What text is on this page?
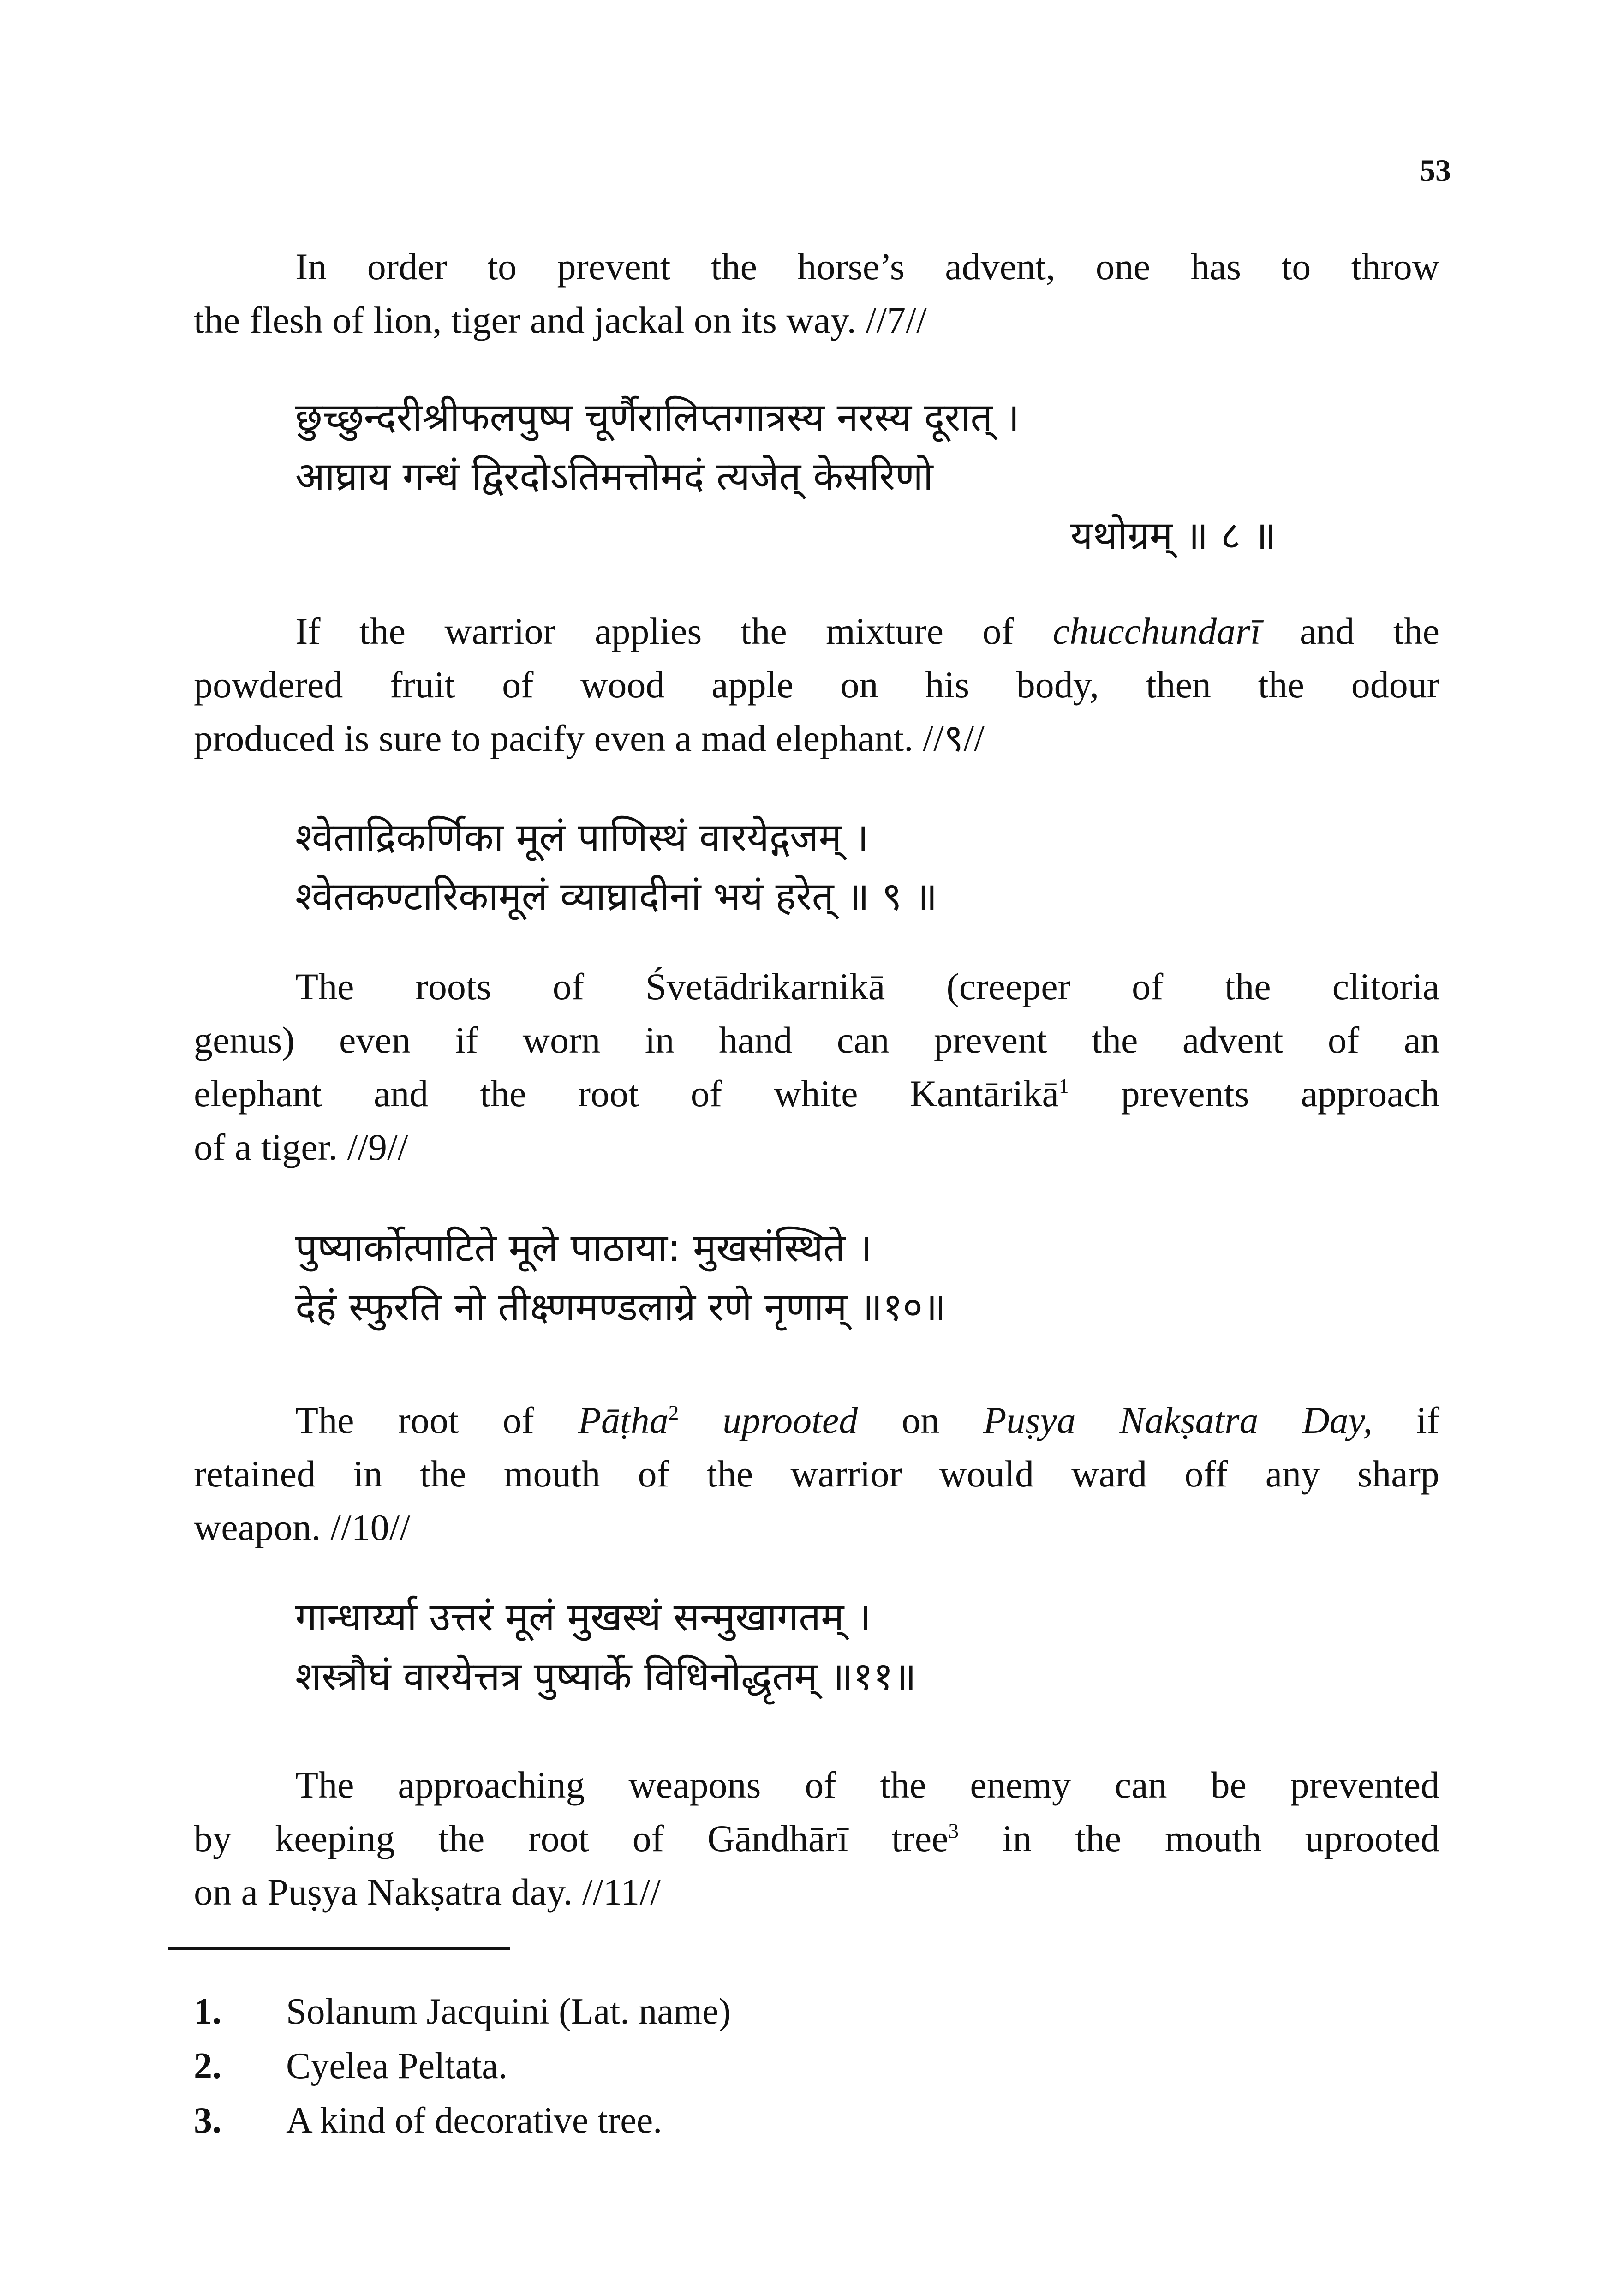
53
In order to prevent the horse’s advent, one has to throw
the flesh of lion, tiger and jackal on its way. //7//
छुच्छुन्दरीश्रीफलपुष्प चूर्णैरालिप्तगात्रस्य नरस्य दूरात् ।
आघ्राय गन्धं द्विरदोऽतिमत्तोमदं त्यजेत् केसरिणो
यथोग्रम् ॥ ८ ॥
If the warrior applies the mixture of chucchundarī and the
powdered fruit of wood apple on his body, then the odour
produced is sure to pacify even a mad elephant. //९//
श्वेताद्रिकर्णिका मूलं पाणिस्थं वारयेद्गजम् ।
श्वेतकण्टारिकामूलं व्याघ्रादीनां भयं हरेत् ॥ ९ ॥
The roots of Śvetādrikarnikā (creeper of the clitoria
genus) even if worn in hand can prevent the advent of an
elephant and the root of white Kantārikā$^1$ prevents approach
of a tiger. //9//
पुष्यार्कोत्पाटिते मूले पाठाया: मुखसंस्थिते ।
देहं स्फुरति नो तीक्ष्णमण्डलाग्रे रणे नृणाम् ॥१०॥
The root of Pāṭha$^2$ uprooted on Puṣya Nakṣatra Day, if
retained in the mouth of the warrior would ward off any sharp
weapon. //10//
गान्धार्य्या उत्तरं मूलं मुखस्थं सन्मुखागतम् ।
शस्त्रौघं वारयेत्तत्र पुष्यार्के विधिनोद्धृतम् ॥११॥
The approaching weapons of the enemy can be prevented
by keeping the root of Gāndhārī tree$^3$ in the mouth uprooted
on a Puṣya Nakṣatra day. //11//
1.	Solanum Jacquini (Lat. name)
2.	Cyelea Peltata.
3.	A kind of decorative tree.
